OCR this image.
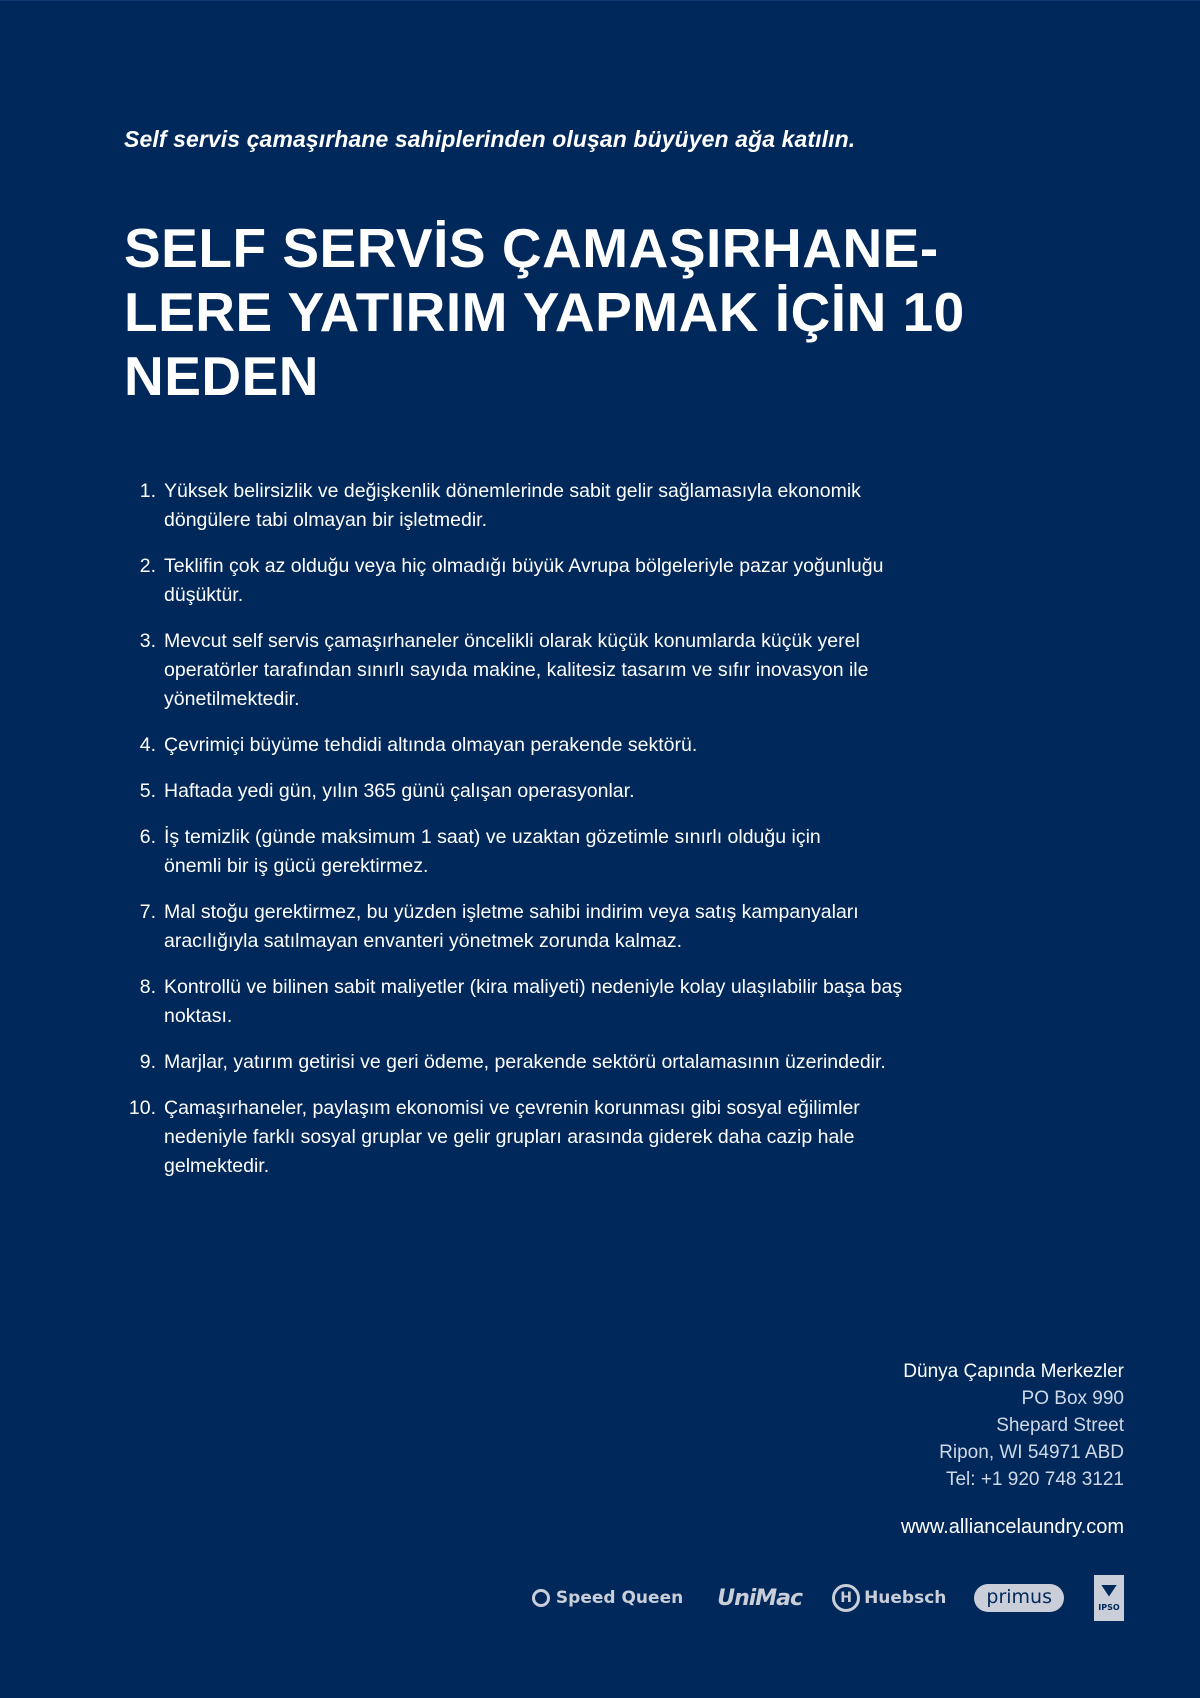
Self servis çamaşırhane sahiplerinden oluşan büyüyen ağa katılın.
SELF SERVİS ÇAMAŞIRHANE-
LERE YATIRIM YAPMAK İÇİN 10
NEDEN
1. Yüksek belirsizlik ve değişkenlik dönemlerinde sabit gelir sağlamasıyla ekonomik
döngülere tabi olmayan bir işletmedir.
2. Teklifin çok az olduğu veya hiç olmadığı büyük Avrupa bölgeleriyle pazar yoğunluğu
düşüktür.
3. Mevcut self servis çamaşırhaneler öncelikli olarak küçük konumlarda küçük yerel
operatörler tarafından sınırlı sayıda makine, kalitesiz tasarım ve sıfır inovasyon ile
yönetilmektedir.
4. Çevrimiçi büyüme tehdidi altında olmayan perakende sektörü.
5. Haftada yedi gün, yılın 365 günü çalışan operasyonlar.
6. İş temizlik (günde maksimum 1 saat) ve uzaktan gözetimle sınırlı olduğu için
önemli bir iş gücü gerektirmez.
7. Mal stoğu gerektirmez, bu yüzden işletme sahibi indirim veya satış kampanyaları
aracılığıyla satılmayan envanteri yönetmek zorunda kalmaz.
8. Kontrollü ve bilinen sabit maliyetler (kira maliyeti) nedeniyle kolay ulaşılabilir başa baş
noktası.
9. Marjlar, yatırım getirisi ve geri ödeme, perakende sektörü ortalamasının üzerindedir.
10. Çamaşırhaneler, paylaşım ekonomisi ve çevrenin korunması gibi sosyal eğilimler
nedeniyle farklı sosyal gruplar ve gelir grupları arasında giderek daha cazip hale
gelmektedir.
Dünya Çapında Merkezler
PO Box 990
Shepard Street
Ripon, WI 54971 ABD
Tel: +1 920 748 3121
www.alliancelaundry.com
Speed Queen UniMac	H Huebsch primus	IPSO
